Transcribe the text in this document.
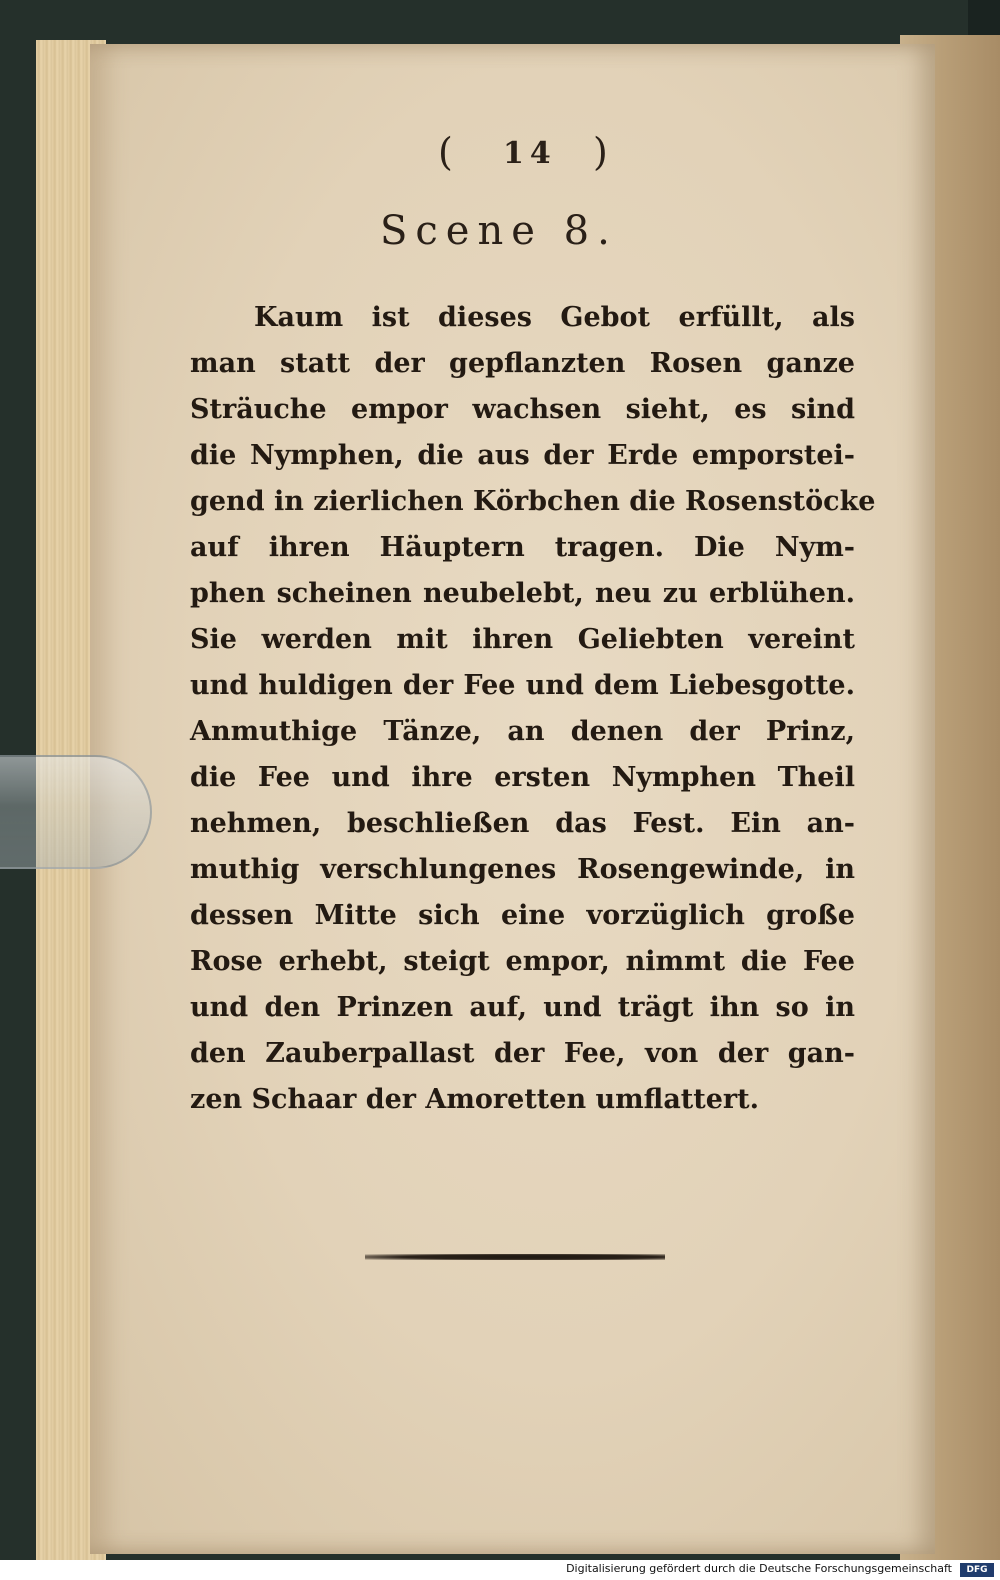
( 14 )
Scene 8.
Kaum ist dieses Gebot erfüllt, als
man statt der gepflanzten Rosen ganze
Sträuche empor wachsen sieht, es sind
die Nymphen, die aus der Erde emporstei-
gend in zierlichen Körbchen die Rosenstöcke
auf ihren Häuptern tragen. Die Nym-
phen scheinen neubelebt, neu zu erblühen.
Sie werden mit ihren Geliebten vereint
und huldigen der Fee und dem Liebesgotte.
Anmuthige Tänze, an denen der Prinz,
die Fee und ihre ersten Nymphen Theil
nehmen, beschließen das Fest. Ein an-
muthig verschlungenes Rosengewinde, in
dessen Mitte sich eine vorzüglich große
Rose erhebt, steigt empor, nimmt die Fee
und den Prinzen auf, und trägt ihn so in
den Zauberpallast der Fee, von der gan-
zen Schaar der Amoretten umflattert.
Digitalisierung gefördert durch die Deutsche Forschungsgemeinschaft	DFG
